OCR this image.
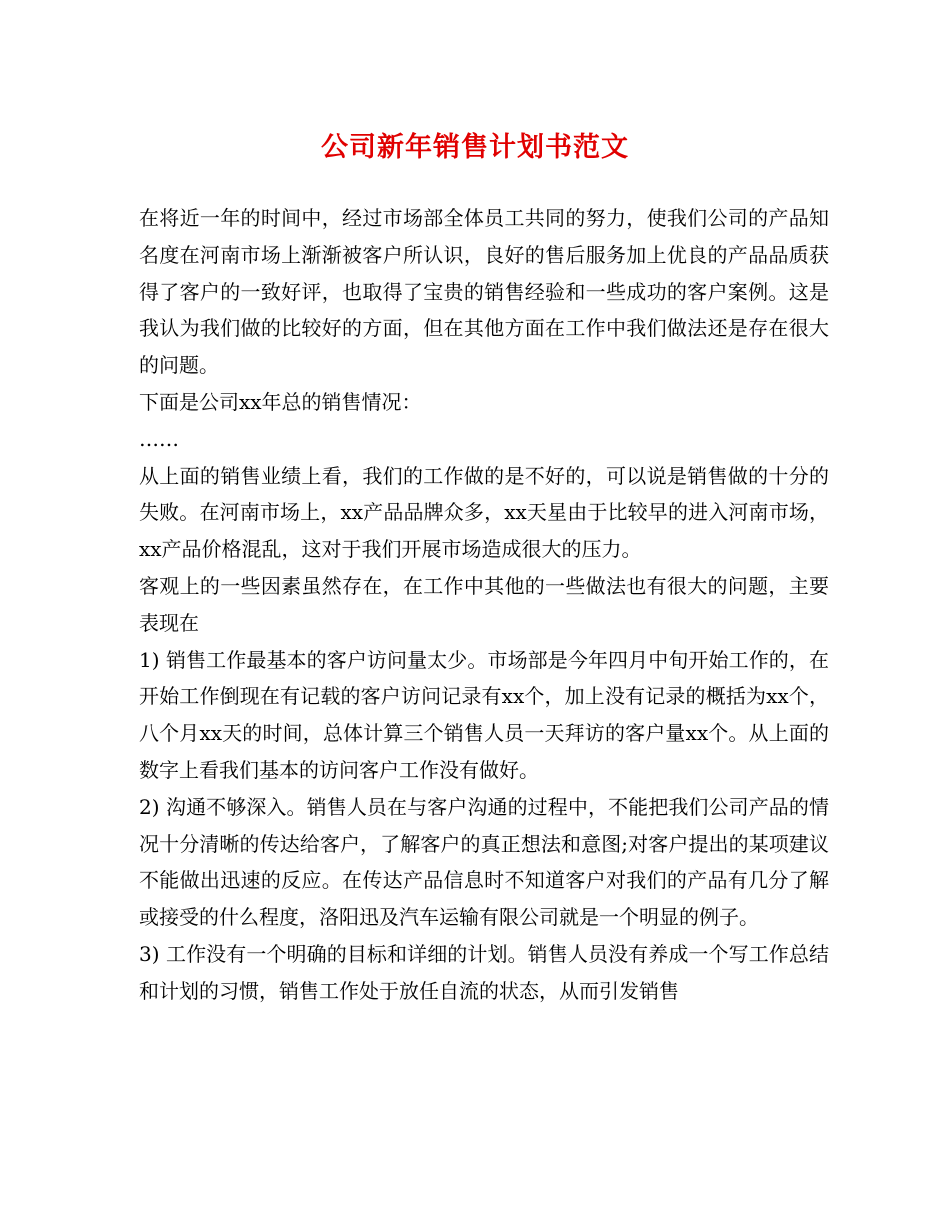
公司新年销售计划书范文

在将近一年的时间中，经过市场部全体员工共同的努力，使我们公司的产品知名度在河南市场上渐渐被客户所认识，良好的售后服务加上优良的产品品质获得了客户的一致好评，也取得了宝贵的销售经验和一些成功的客户案例。这是我认为我们做的比较好的方面，但在其他方面在工作中我们做法还是存在很大的问题。

下面是公司xx年总的销售情况：

……

从上面的销售业绩上看，我们的工作做的是不好的，可以说是销售做的十分的失败。在河南市场上，xx产品品牌众多，xx天星由于比较早的进入河南市场，xx产品价格混乱，这对于我们开展市场造成很大的压力。

客观上的一些因素虽然存在，在工作中其他的一些做法也有很大的问题，主要表现在

1) 销售工作最基本的客户访问量太少。市场部是今年四月中旬开始工作的，在开始工作倒现在有记载的客户访问记录有xx个，加上没有记录的概括为xx个，八个月xx天的时间，总体计算三个销售人员一天拜访的客户量xx个。从上面的数字上看我们基本的访问客户工作没有做好。

2) 沟通不够深入。销售人员在与客户沟通的过程中，不能把我们公司产品的情况十分清晰的传达给客户，了解客户的真正想法和意图;对客户提出的某项建议不能做出迅速的反应。在传达产品信息时不知道客户对我们的产品有几分了解或接受的什么程度，洛阳迅及汽车运输有限公司就是一个明显的例子。

3) 工作没有一个明确的目标和详细的计划。销售人员没有养成一个写工作总结和计划的习惯，销售工作处于放任自流的状态，从而引发销售
